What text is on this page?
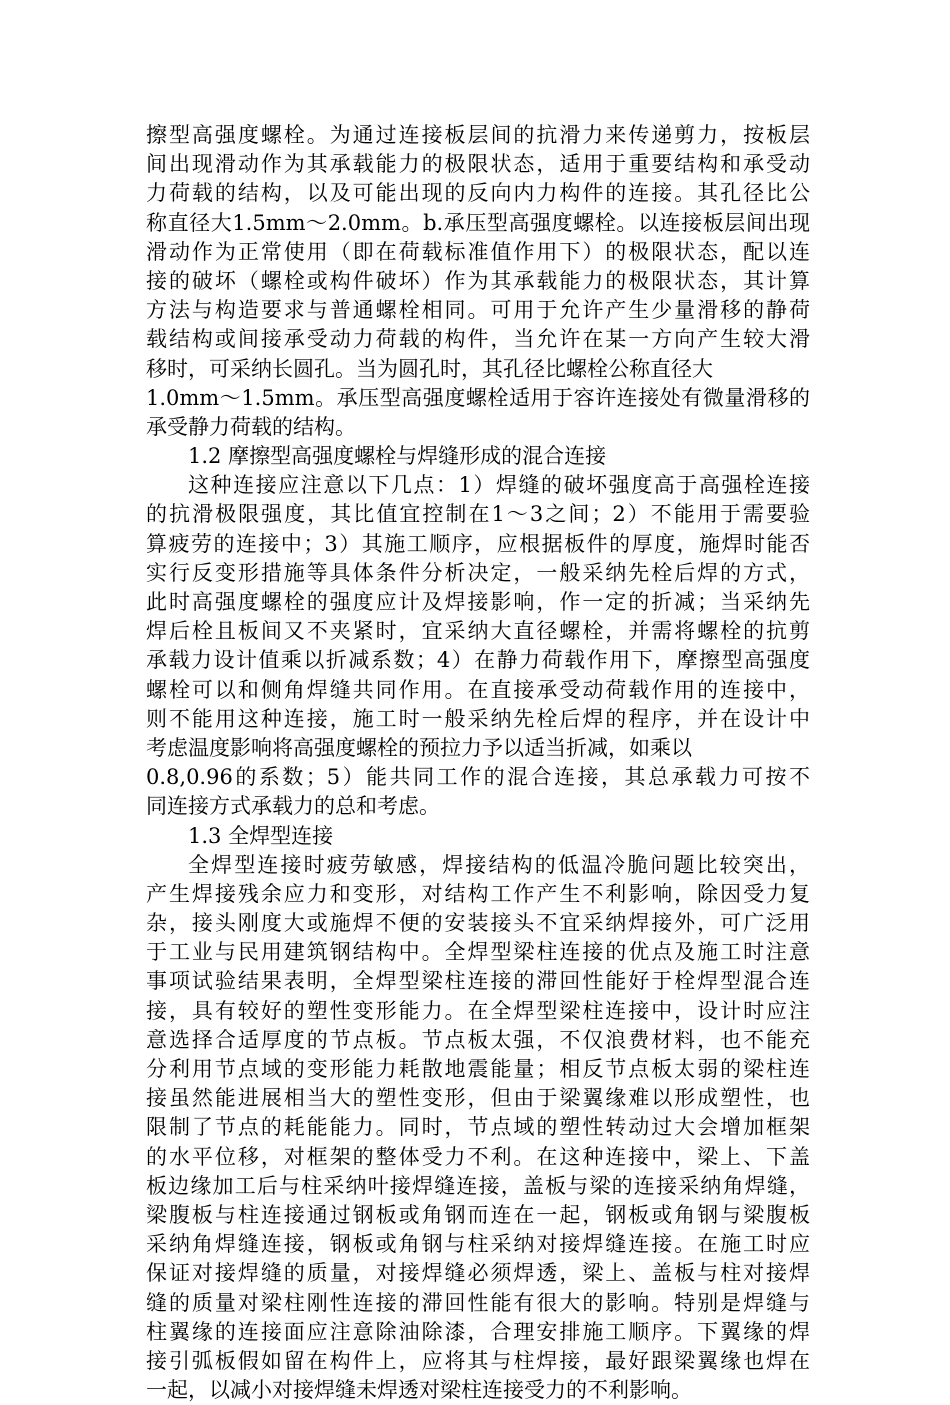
擦型高强度螺栓。为通过连接板层间的抗滑力来传递剪力，按板层
间出现滑动作为其承载能力的极限状态，适用于重要结构和承受动
力荷载的结构，以及可能出现的反向内力构件的连接。其孔径比公
称直径大1.5mm～2.0mm。b.承压型高强度螺栓。以连接板层间出现
滑动作为正常使用（即在荷载标准值作用下）的极限状态，配以连
接的破坏（螺栓或构件破坏）作为其承载能力的极限状态，其计算
方法与构造要求与普通螺栓相同。可用于允许产生少量滑移的静荷
载结构或间接承受动力荷载的构件，当允许在某一方向产生较大滑
移时，可采纳长圆孔。当为圆孔时，其孔径比螺栓公称直径大
1.0mm～1.5mm。承压型高强度螺栓适用于容许连接处有微量滑移的
承受静力荷载的结构。
1.2 摩擦型高强度螺栓与焊缝形成的混合连接
这种连接应注意以下几点：1）焊缝的破坏强度高于高强栓连接
的抗滑极限强度，其比值宜控制在1～3之间；2）不能用于需要验
算疲劳的连接中；3）其施工顺序，应根据板件的厚度，施焊时能否
实行反变形措施等具体条件分析决定，一般采纳先栓后焊的方式，
此时高强度螺栓的强度应计及焊接影响，作一定的折减；当采纳先
焊后栓且板间又不夹紧时，宜采纳大直径螺栓，并需将螺栓的抗剪
承载力设计值乘以折减系数；4）在静力荷载作用下，摩擦型高强度
螺栓可以和侧角焊缝共同作用。在直接承受动荷载作用的连接中，
则不能用这种连接，施工时一般采纳先栓后焊的程序，并在设计中
考虑温度影响将高强度螺栓的预拉力予以适当折减，如乘以
0.8,0.96的系数；5）能共同工作的混合连接，其总承载力可按不
同连接方式承载力的总和考虑。
1.3 全焊型连接
全焊型连接时疲劳敏感，焊接结构的低温冷脆问题比较突出，
产生焊接残余应力和变形，对结构工作产生不利影响，除因受力复
杂，接头刚度大或施焊不便的安装接头不宜采纳焊接外，可广泛用
于工业与民用建筑钢结构中。全焊型梁柱连接的优点及施工时注意
事项试验结果表明，全焊型梁柱连接的滞回性能好于栓焊型混合连
接，具有较好的塑性变形能力。在全焊型梁柱连接中，设计时应注
意选择合适厚度的节点板。节点板太强，不仅浪费材料，也不能充
分利用节点域的变形能力耗散地震能量；相反节点板太弱的梁柱连
接虽然能进展相当大的塑性变形，但由于梁翼缘难以形成塑性，也
限制了节点的耗能能力。同时，节点域的塑性转动过大会增加框架
的水平位移，对框架的整体受力不利。在这种连接中，梁上、下盖
板边缘加工后与柱采纳叶接焊缝连接，盖板与梁的连接采纳角焊缝，
梁腹板与柱连接通过钢板或角钢而连在一起，钢板或角钢与梁腹板
采纳角焊缝连接，钢板或角钢与柱采纳对接焊缝连接。在施工时应
保证对接焊缝的质量，对接焊缝必须焊透，梁上、盖板与柱对接焊
缝的质量对梁柱刚性连接的滞回性能有很大的影响。特别是焊缝与
柱翼缘的连接面应注意除油除漆，合理安排施工顺序。下翼缘的焊
接引弧板假如留在构件上，应将其与柱焊接，最好跟梁翼缘也焊在
一起，以减小对接焊缝未焊透对梁柱连接受力的不利影响。
